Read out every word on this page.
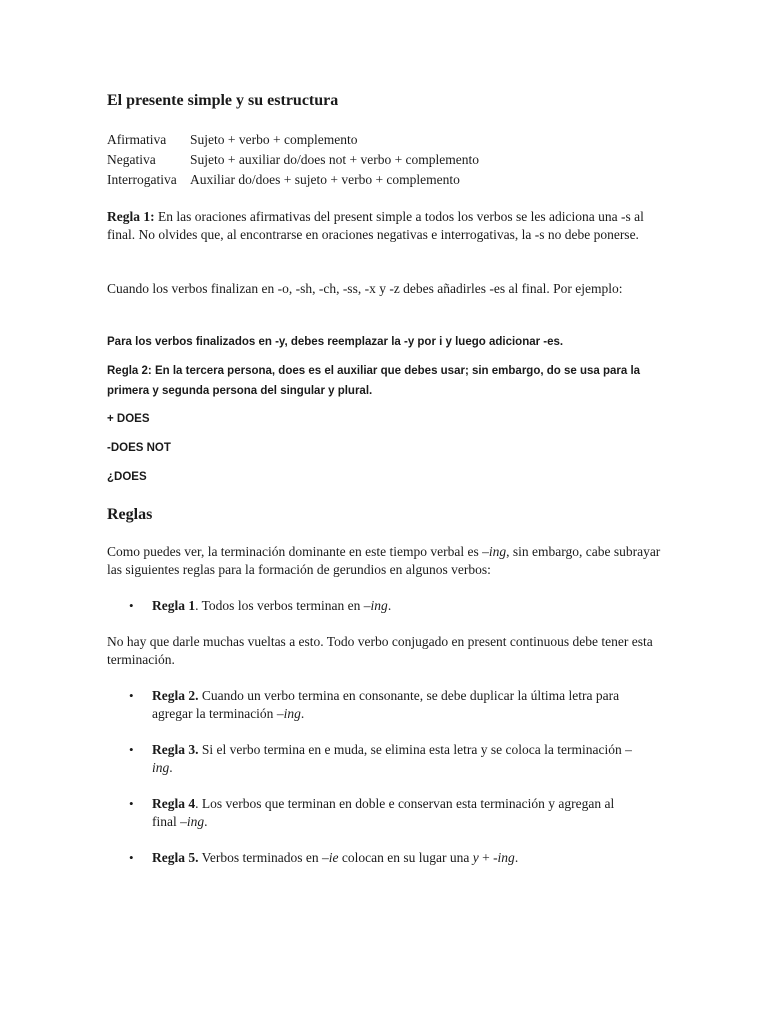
El presente simple y su estructura
Afirmativa	Sujeto + verbo + complemento
Negativa	Sujeto + auxiliar do/does not + verbo + complemento
Interrogativa Auxiliar do/does + sujeto + verbo + complemento

Regla 1: En las oraciones afirmativas del present simple a todos los verbos se les adiciona una -s al final. No olvides que, al encontrarse en oraciones negativas e interrogativas, la -s no debe ponerse.

Cuando los verbos finalizan en -o, -sh, -ch, -ss, -x y -z debes añadirles -es al final. Por ejemplo:

Para los verbos finalizados en -y, debes reemplazar la -y por i y luego adicionar -es.

Regla 2: En la tercera persona, does es el auxiliar que debes usar; sin embargo, do se usa para la primera y segunda persona del singular y plural.

+ DOES

-DOES NOT

¿DOES

Reglas

Como puedes ver, la terminación dominante en este tiempo verbal es –ing, sin embargo, cabe subrayar las siguientes reglas para la formación de gerundios en algunos verbos:

• Regla 1. Todos los verbos terminan en –ing.

No hay que darle muchas vueltas a esto. Todo verbo conjugado en present continuous debe tener esta terminación.

• Regla 2. Cuando un verbo termina en consonante, se debe duplicar la última letra para agregar la terminación –ing.
• Regla 3. Si el verbo termina en e muda, se elimina esta letra y se coloca la terminación –ing.
• Regla 4. Los verbos que terminan en doble e conservan esta terminación y agregan al final –ing.
• Regla 5. Verbos terminados en –ie colocan en su lugar una y + -ing.
